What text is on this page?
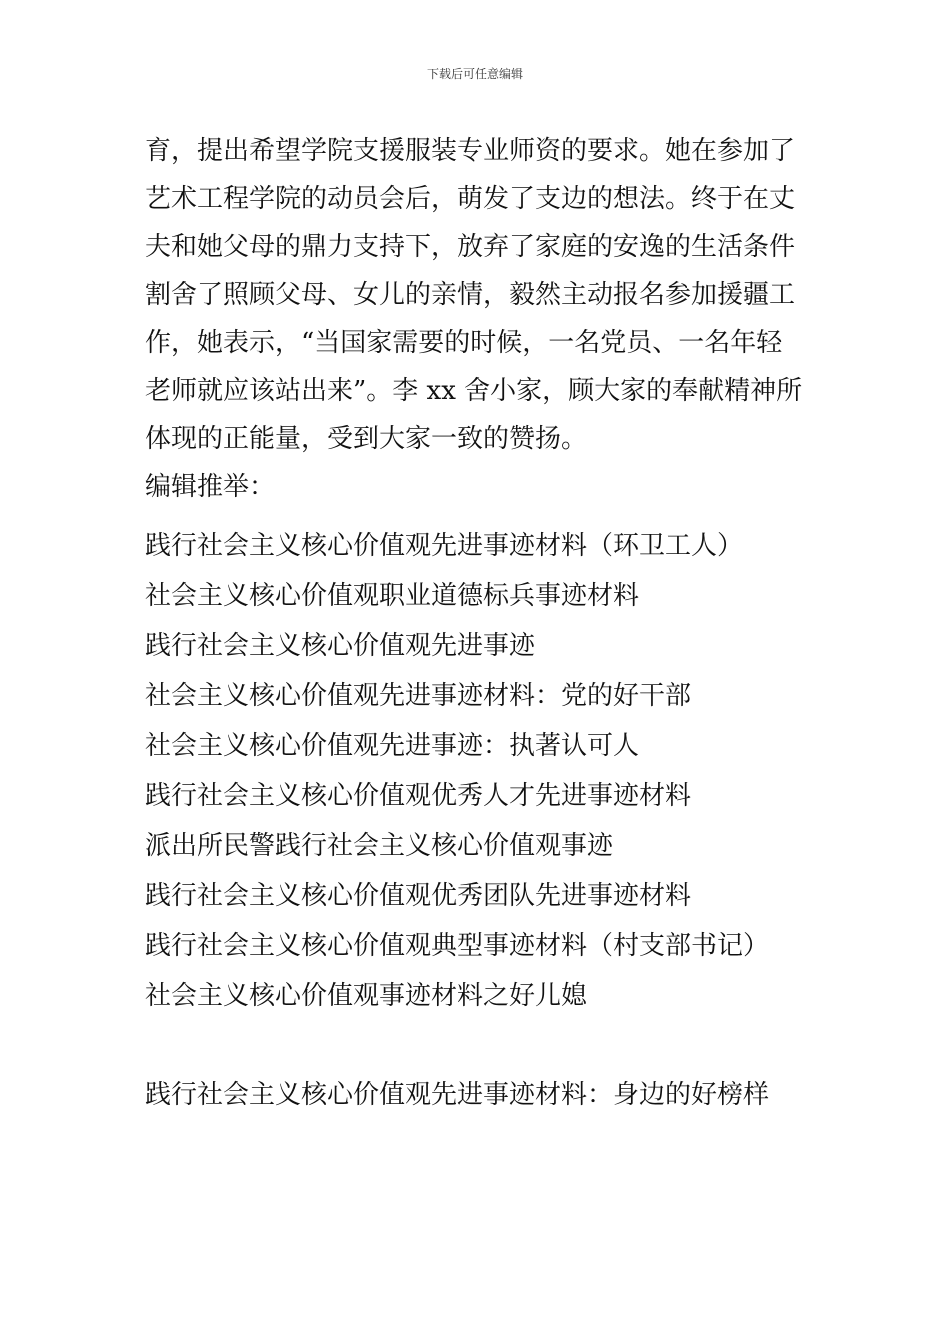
下载后可任意编辑
育，提出希望学院支援服装专业师资的要求。她在参加了
艺术工程学院的动员会后，萌发了支边的想法。终于在丈
夫和她父母的鼎力支持下，放弃了家庭的安逸的生活条件
割舍了照顾父母、女儿的亲情，毅然主动报名参加援疆工
作，她表示，“当国家需要的时候，一名党员、一名年轻
老师就应该站出来”。李 xx 舍小家，顾大家的奉献精神所
体现的正能量，受到大家一致的赞扬。
编辑推举：
践行社会主义核心价值观先进事迹材料（环卫工人）
社会主义核心价值观职业道德标兵事迹材料
践行社会主义核心价值观先进事迹
社会主义核心价值观先进事迹材料：党的好干部
社会主义核心价值观先进事迹：执著认可人
践行社会主义核心价值观优秀人才先进事迹材料
派出所民警践行社会主义核心价值观事迹
践行社会主义核心价值观优秀团队先进事迹材料
践行社会主义核心价值观典型事迹材料（村支部书记）
社会主义核心价值观事迹材料之好儿媳
践行社会主义核心价值观先进事迹材料：身边的好榜样
